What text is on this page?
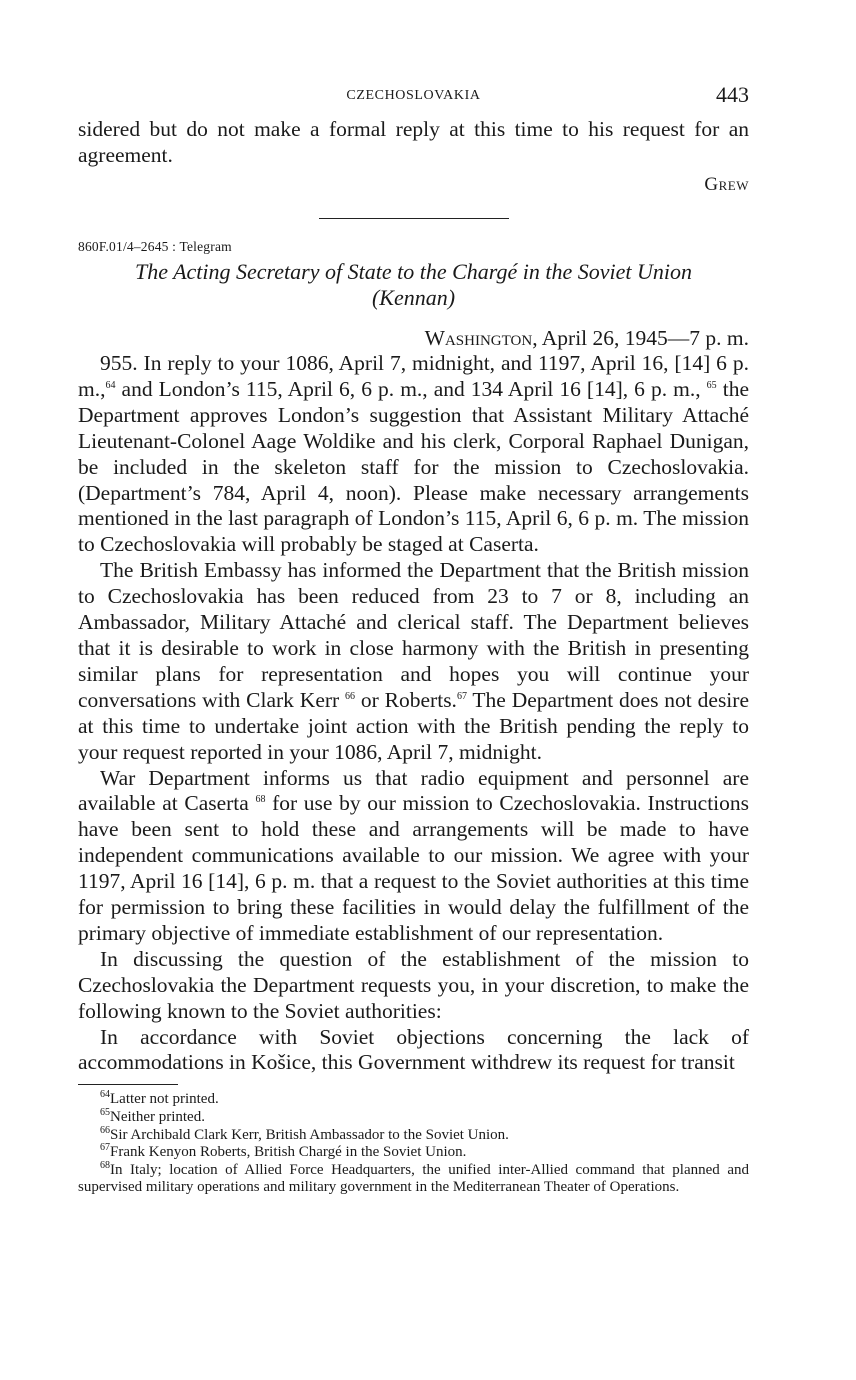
CZECHOSLOVAKIA	443

sidered but do not make a formal reply at this time to his request for an agreement.

Grew
860F.01/4–2645 : Telegram
The Acting Secretary of State to the Chargé in the Soviet Union
(Kennan)
Washington, April 26, 1945—7 p. m.

955. In reply to your 1086, April 7, midnight, and 1197, April 16, [14] 6 p. m.,$^{64}$ and London’s 115, April 6, 6 p. m., and 134 April 16 [14], 6 p. m., $^{65}$ the Department approves London’s suggestion that Assistant Military Attaché Lieutenant-Colonel Aage Woldike and his clerk, Corporal Raphael Dunigan, be included in the skeleton staff for the mission to Czechoslovakia. (Department’s 784, April 4, noon). Please make necessary arrangements mentioned in the last paragraph of London’s 115, April 6, 6 p. m. The mission to Czechoslovakia will probably be staged at Caserta.

The British Embassy has informed the Department that the British mission to Czechoslovakia has been reduced from 23 to 7 or 8, including an Ambassador, Military Attaché and clerical staff. The Department believes that it is desirable to work in close harmony with the British in presenting similar plans for representation and hopes you will continue your conversations with Clark Kerr $^{66}$ or Roberts.$^{67}$ The Department does not desire at this time to undertake joint action with the British pending the reply to your request reported in your 1086, April 7, midnight.

War Department informs us that radio equipment and personnel are available at Caserta $^{68}$ for use by our mission to Czechoslovakia. Instructions have been sent to hold these and arrangements will be made to have independent communications available to our mission. We agree with your 1197, April 16 [14], 6 p. m. that a request to the Soviet authorities at this time for permission to bring these facilities in would delay the fulfillment of the primary objective of immediate establishment of our representation.

In discussing the question of the establishment of the mission to Czechoslovakia the Department requests you, in your discretion, to make the following known to the Soviet authorities:

In accordance with Soviet objections concerning the lack of accommodations in Košice, this Government withdrew its request for transit

$^{64}$Latter not printed.

$^{65}$Neither printed.

$^{66}$Sir Archibald Clark Kerr, British Ambassador to the Soviet Union.

$^{67}$Frank Kenyon Roberts, British Chargé in the Soviet Union.

$^{68}$In Italy; location of Allied Force Headquarters, the unified inter-Allied command that planned and supervised military operations and military government in the Mediterranean Theater of Operations.
